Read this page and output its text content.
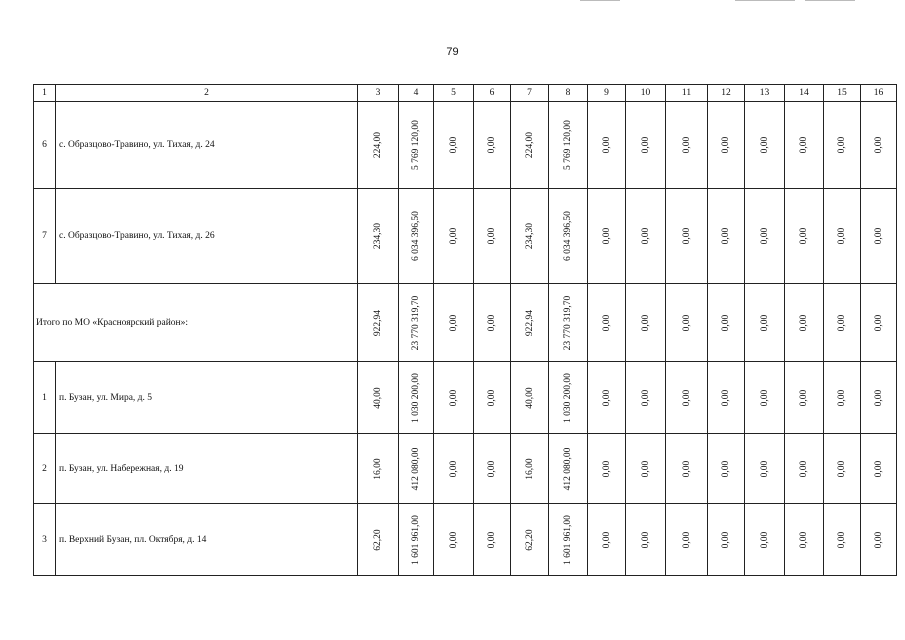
79
1	2	3	4	5	6	7	8	9	10	11	12	13	14	15	16
6	с. Образцово-Травино, ул. Тихая, д. 24	224,00	5 769 120,00	0,00	0,00	224,00	5 769 120,00	0,00	0,00	0,00	0,00	0,00	0,00	0,00	0,00

7	с. Образцово-Травино, ул. Тихая, д. 26	234,30	6 034 396,50	0,00	0,00	234,30	6 034 396,50	0,00	0,00	0,00	0,00	0,00	0,00	0,00	0,00

Итого по МО «Красноярский район»:		922,94	23 770 319,70	0,00	0,00	922,94	23 770 319,70	0,00	0,00	0,00	0,00	0,00	0,00	0,00	0,00

1	п. Бузан, ул. Мира, д. 5	40,00	1 030 200,00	0,00	0,00	40,00	1 030 200,00	0,00	0,00	0,00	0,00	0,00	0,00	0,00	0,00

2	п. Бузан, ул. Набережная, д. 19	16,00	412 080,00	0,00	0,00	16,00	412 080,00	0,00	0,00	0,00	0,00	0,00	0,00	0,00	0,00

3	п. Верхний Бузан, пл. Октября, д. 14	62,20	1 601 961,00	0,00	0,00	62,20	1 601 961,00	0,00	0,00	0,00	0,00	0,00	0,00	0,00	0,00
